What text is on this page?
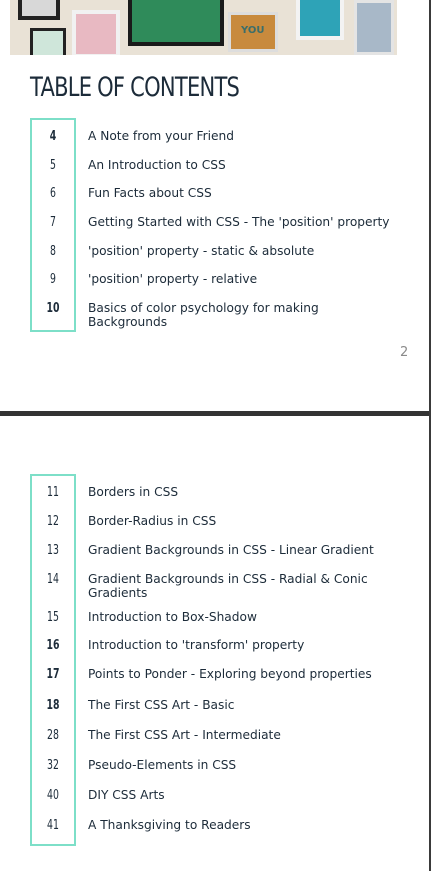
YOU
TABLE OF CONTENTS
4	A Note from your Friend
5	An Introduction to CSS
6	Fun Facts about CSS
7	Getting Started with CSS - The 'position' property
8	'position' property - static & absolute
9	'position' property - relative
10	Basics of color psychology for making Backgrounds
2
11	Borders in CSS
12	Border-Radius in CSS
13	Gradient Backgrounds in CSS - Linear Gradient
14	Gradient Backgrounds in CSS - Radial & Conic Gradients
15	Introduction to Box-Shadow
16	Introduction to 'transform' property
17	Points to Ponder - Exploring beyond properties
18	The First CSS Art - Basic
28	The First CSS Art - Intermediate
32	Pseudo-Elements in CSS
40	DIY CSS Arts
41	A Thanksgiving to Readers
